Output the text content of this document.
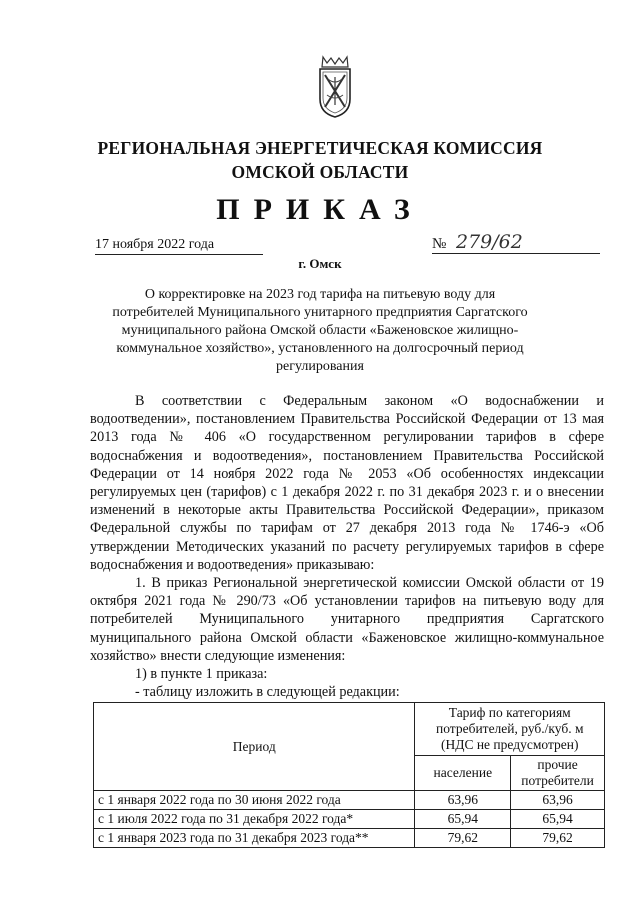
РЕГИОНАЛЬНАЯ ЭНЕРГЕТИЧЕСКАЯ КОМИССИЯ
ОМСКОЙ ОБЛАСТИ
ПРИКАЗ
17 ноября 2022 года	№ 279/62
г. Омск
О корректировке на 2023 год тарифа на питьевую воду для потребителей Муниципального унитарного предприятия Саргатского муниципального района Омской области «Баженовское жилищно-коммунальное хозяйство», установленного на долгосрочный период регулирования

В соответствии с Федеральным законом «О водоснабжении и водоотведении», постановлением Правительства Российской Федерации от 13 мая 2013 года № 406 «О государственном регулировании тарифов в сфере водоснабжения и водоотведения», постановлением Правительства Российской Федерации от 14 ноября 2022 года № 2053 «Об особенностях индексации регулируемых цен (тарифов) с 1 декабря 2022 г. по 31 декабря 2023 г. и о внесении изменений в некоторые акты Правительства Российской Федерации», приказом Федеральной службы по тарифам от 27 декабря 2013 года № 1746-э «Об утверждении Методических указаний по расчету регулируемых тарифов в сфере водоснабжения и водоотведения» приказываю:

1. В приказ Региональной энергетической комиссии Омской области от 19 октября 2021 года № 290/73 «Об установлении тарифов на питьевую воду для потребителей Муниципального унитарного предприятия Саргатского муниципального района Омской области «Баженовское жилищно-коммунальное хозяйство» внести следующие изменения:

1) в пункте 1 приказа:

- таблицу изложить в следующей редакции:

Период	Тариф по категориям потребителей, руб./куб. м (НДС не предусмотрен)	
	население	прочие потребители
с 1 января 2022 года по 30 июня 2022 года	63,96	63,96
с 1 июля 2022 года по 31 декабря 2022 года*	65,94	65,94
с 1 января 2023 года по 31 декабря 2023 года**	79,62	79,62
